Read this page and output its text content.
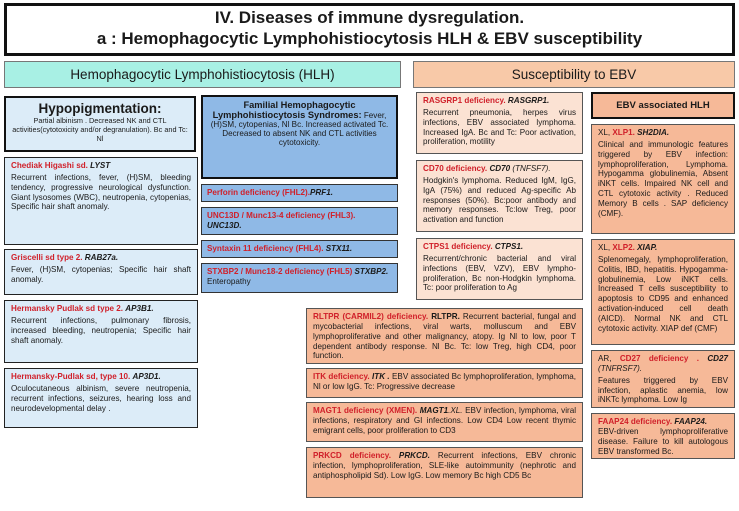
IV. Diseases of immune dysregulation.
a : Hemophagocytic Lymphohistiocytosis HLH & EBV susceptibility
Hemophagocytic Lymphohistiocytosis (HLH)	Susceptibility to EBV
Hypopigmentation:
Partial albinism . Decreased NK and CTL activities(cytotoxicity and/or degranulation). Bc and Tc: Nl
Chediak Higashi sd. LYST
Recurrent infections, fever, (H)SM, bleeding tendency, progressive neurological dysfunction. Giant lysosomes (WBC), neutropenia, cytopenias, Specific hair shaft anomaly.
Griscelli sd type 2. RAB27a.
Fever, (H)SM, cytopenias; Specific hair shaft anomaly.
Hermansky Pudlak sd type 2. AP3B1.
Recurrent infections, pulmonary fibrosis, increased bleeding, neutropenia; Specific hair shaft anomaly.
Hermansky-Pudlak sd, type 10. AP3D1.
Oculocutaneous albinism, severe neutropenia, recurrent infections, seizures, hearing loss and neurodevelopmental delay .
Familial Hemophagocytic Lymphohistiocytosis Syndromes: Fever, (H)SM, cytopenias, Nl Bc. Increased activated Tc. Decreased to absent NK and CTL activities cytotoxicity.
Perforin deficiency (FHL2).PRF1.
UNC13D / Munc13-4 deficiency (FHL3).
UNC13D.
Syntaxin 11 deficiency (FHL4). STX11.
STXBP2 / Munc18-2 deficiency (FHL5) STXBP2.
Enteropathy
RASGRP1 deficiency. RASGRP1.
Recurrent pneumonia, herpes virus infections, EBV associated lymphoma. Increased IgA. Bc and Tc: Poor activation, proliferation, motility
CD70 deficiency. CD70 (TNFSF7).
Hodgkin's lymphoma. Reduced IgM, IgG, IgA (75%) and reduced Ag-specific Ab responses (50%). Bc:poor antibody and memory responses. Tc:low Treg, poor activation and function
CTPS1 deficiency. CTPS1.
Recurrent/chronic bacterial and viral infections (EBV, VZV), EBV lympho-proliferation, Bc non-Hodgkin lymphoma. Tc: poor proliferation to Ag
RLTPR (CARMIL2) deficiency. RLTPR. Recurrent bacterial, fungal and mycobacterial infections, viral warts, molluscum and EBV lymphoproliferative and other malignancy, atopy. Ig Nl to low, poor T dependent antibody response. Nl Bc. Tc: low Treg, high CD4, poor function.
ITK deficiency. ITK . EBV associated Bc lymphoproliferation, lymphoma, Nl or low IgG. Tc: Progressive decrease
MAGT1 deficiency (XMEN). MAGT1.XL. EBV infection, lymphoma, viral infections, respiratory and GI infections. Low CD4 Low recent thymic emigrant cells, poor proliferation to CD3
PRKCD deficiency. PRKCD. Recurrent infections, EBV chronic infection, lymphoproliferation, SLE-like autoimmunity (nephrotic and antiphospholipid Sd). Low IgG. Low memory Bc high CD5 Bc
EBV associated HLH
XL, XLP1. SH2DIA.
Clinical and immunologic features triggered by EBV infection: lymphoproliferation, Lymphoma. Hypogamma globulinemia, Absent iNKT cells. Impaired NK cell and CTL cytotoxic activity . Reduced Memory B cells . SAP deficiency (CMF).
XL, XLP2. XIAP.
Splenomegaly, lymphoproliferation, Colitis, IBD, hepatitis. Hypogamma-globulinemia, Low iNKT cells. Increased T cells susceptibility to apoptosis to CD95 and enhanced activation-induced cell death (AICD). Normal NK and CTL cytotoxic activity. XIAP def (CMF)
AR, CD27 deficiency . CD27 (TNFRSF7).
Features triggered by EBV infection, aplastic anemia, low iNKTc lymphoma. Low Ig
FAAP24 deficiency. FAAP24.
EBV-driven lymphoproliferative disease. Failure to kill autologous EBV transformed Bc.
